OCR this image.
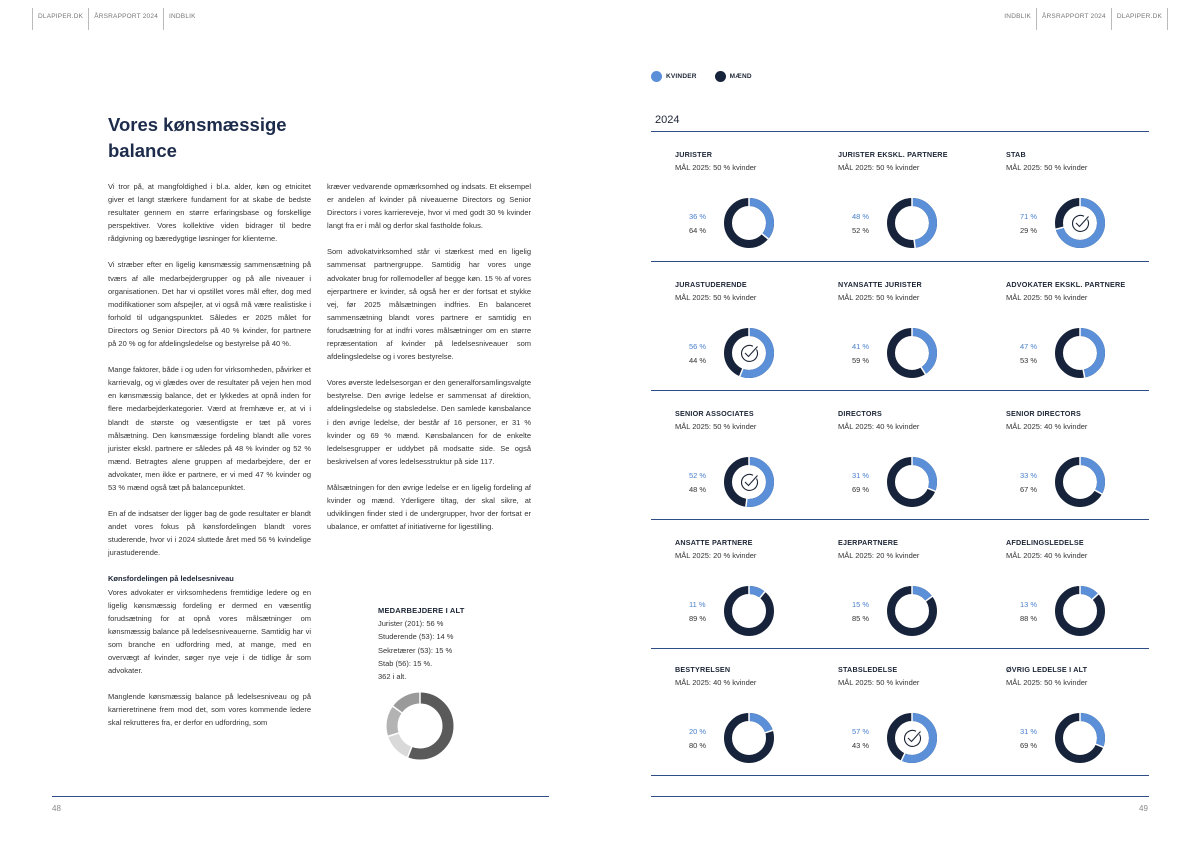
DLAPIPER.DK	ÅRSRAPPORT 2024	INDBLIK	INDBLIK	ÅRSRAPPORT 2024	DLAPIPER.DK
Vores kønsmæssige balance

Vi tror på, at mangfoldighed i bl.a. alder, køn og etnicitet giver et langt stærkere fundament for at skabe de bedste resultater gennem en større erfaringsbase og forskellige perspektiver. Vores kollektive viden bidrager til bedre rådgivning og bæredygtige løsninger for klienterne.

Vi stræber efter en ligelig kønsmæssig sammensætning på tværs af alle medarbejdergrupper og på alle niveauer i organisationen. Det har vi opstillet vores mål efter, dog med modifikationer som afspejler, at vi også må være realistiske i forhold til udgangspunktet. Således er 2025 målet for Directors og Senior Directors på 40 % kvinder, for partnere på 20 % og for afdelingsledelse og bestyrelse på 40 %.

Mange faktorer, både i og uden for virksomheden, påvirker et karrievalg, og vi glædes over de resultater på vejen hen mod en kønsmæssig balance, det er lykkedes at opnå inden for flere medarbejderkategorier. Værd at fremhæve er, at vi i blandt de største og væsentligste er tæt på vores målsætning. Den kønsmæssige fordeling blandt alle vores jurister ekskl. partnere er således på 48 % kvinder og 52 % mænd. Betragtes alene gruppen af medarbejdere, der er advokater, men ikke er partnere, er vi med 47 % kvinder og 53 % mænd også tæt på balancepunktet.

En af de indsatser der ligger bag de gode resultater er blandt andet vores fokus på kønsfordelingen blandt vores studerende, hvor vi i 2024 sluttede året med 56 % kvindelige jurastuderende.

Kønsfordelingen på ledelsesniveau

Vores advokater er virksomhedens fremtidige ledere og en ligelig kønsmæssig fordeling er dermed en væsentlig forudsætning for at opnå vores målsætninger om kønsmæssig balance på ledelsesniveauerne. Samtidig har vi som branche en udfordring med, at mange, med en overvægt af kvinder, søger nye veje i de tidlige år som advokater.

Manglende kønsmæssig balance på ledelsesniveau og på karrieretrinene frem mod det, som vores kommende ledere skal rekrutteres fra, er derfor en udfordring, som

kræver vedvarende opmærksomhed og indsats. Et eksempel er andelen af kvinder på niveauerne Directors og Senior Directors i vores karriereveje, hvor vi med godt 30 % kvinder langt fra er i mål og derfor skal fastholde fokus.

Som advokatvirksomhed står vi stærkest med en ligelig sammensat partnergruppe. Samtidig har vores unge advokater brug for rollemodeller af begge køn. 15 % af vores ejerpartnere er kvinder, så også her er der fortsat et stykke vej, før 2025 målsætningen indfries. En balanceret sammensætning blandt vores partnere er samtidig en forudsætning for at indfri vores målsætninger om en større repræsentation af kvinder på ledelsesniveauer som afdelingsledelse og i vores bestyrelse.

Vores øverste ledelsesorgan er den generalforsamlingsvalgte bestyrelse. Den øvrige ledelse er sammensat af direktion, afdelingsledelse og stabsledelse. Den samlede kønsbalance i den øvrige ledelse, der består af 16 personer, er 31 % kvinder og 69 % mænd. Kønsbalancen for de enkelte ledelsesgrupper er uddybet på modsatte side. Se også beskrivelsen af vores ledelsesstruktur på side 117.

Målsætningen for den øvrige ledelse er en ligelig fordeling af kvinder og mænd. Yderligere tiltag, der skal sikre, at udviklingen finder sted i de undergrupper, hvor der fortsat er ubalance, er omfattet af initiativerne for ligestilling.

MEDARBEJDERE I ALT
Jurister (201): 56 %
Studerende (53): 14 %
Sekretærer (53): 15 %
Stab (56): 15 %.
362 i alt.
48
KVINDER	MÆND
2024
JURISTER
MÅL 2025: 50 % kvinder
36 %
64 %
JURISTER EKSKL. PARTNERE
MÅL 2025: 50 % kvinder
48 %
52 %
STAB
MÅL 2025: 50 % kvinder
71 %
29 %
JURASTUDERENDE
MÅL 2025: 50 % kvinder
56 %
44 %
NYANSATTE JURISTER
MÅL 2025: 50 % kvinder
41 %
59 %
ADVOKATER EKSKL. PARTNERE
MÅL 2025: 50 % kvinder
47 %
53 %
SENIOR ASSOCIATES
MÅL 2025: 50 % kvinder
52 %
48 %
DIRECTORS
MÅL 2025: 40 % kvinder
31 %
69 %
SENIOR DIRECTORS
MÅL 2025: 40 % kvinder
33 %
67 %
ANSATTE PARTNERE
MÅL 2025: 20 % kvinder
11 %
89 %
EJERPARTNERE
MÅL 2025: 20 % kvinder
15 %
85 %
AFDELINGSLEDELSE
MÅL 2025: 40 % kvinder
13 %
88 %
BESTYRELSEN
MÅL 2025: 40 % kvinder
20 %
80 %
STABSLEDELSE
MÅL 2025: 50 % kvinder
57 %
43 %
ØVRIG LEDELSE I ALT
MÅL 2025: 50 % kvinder
31 %
69 %
49
